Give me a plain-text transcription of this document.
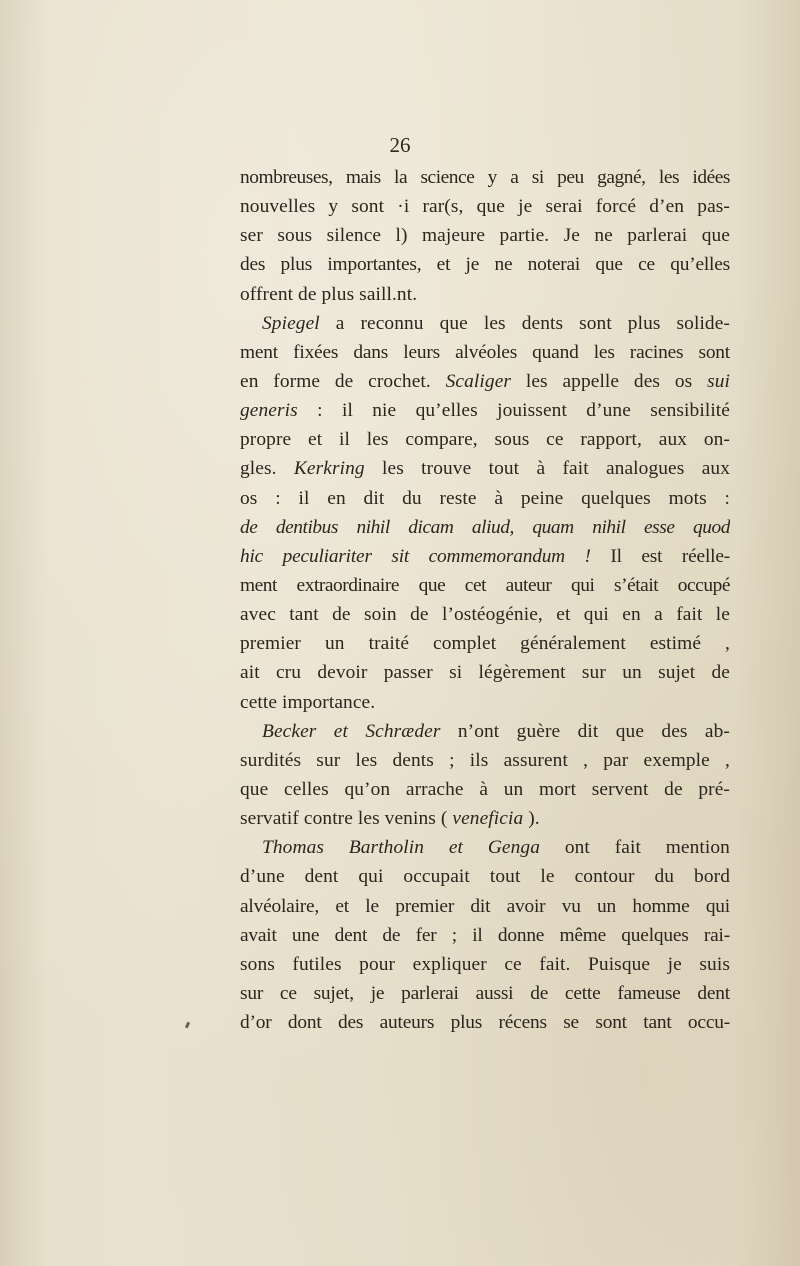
26
nombreuses, mais la science y a si peu gagné, les idées
nouvelles y sont ·i rar(s, que je serai forcé d’en pas-
ser sous silence l) majeure partie. Je ne parlerai que
des plus importantes, et je ne noterai que ce qu’elles
offrent de plus saill.nt.
Spiegel a reconnu que les dents sont plus solide-
ment fixées dans leurs alvéoles quand les racines sont
en forme de crochet. Scaliger les appelle des os sui
generis : il nie qu’elles jouissent d’une sensibilité
propre et il les compare, sous ce rapport, aux on-
gles. Kerkring les trouve tout à fait analogues aux
os : il en dit du reste à peine quelques mots :
de dentibus nihil dicam aliud, quam nihil esse quod
hic peculiariter sit commemorandum ! Il est réelle-
ment extraordinaire que cet auteur qui s’était occupé
avec tant de soin de l’ostéogénie, et qui en a fait le
premier un traité complet généralement estimé ,
ait cru devoir passer si légèrement sur un sujet de
cette importance.
Becker et Schræder n’ont guère dit que des ab-
surdités sur les dents ; ils assurent , par exemple ,
que celles qu’on arrache à un mort servent de pré-
servatif contre les venins ( veneficia ).
Thomas Bartholin et Genga ont fait mention
d’une dent qui occupait tout le contour du bord
alvéolaire, et le premier dit avoir vu un homme qui
avait une dent de fer ; il donne même quelques rai-
sons futiles pour expliquer ce fait. Puisque je suis
sur ce sujet, je parlerai aussi de cette fameuse dent
d’or dont des auteurs plus récens se sont tant occu-
